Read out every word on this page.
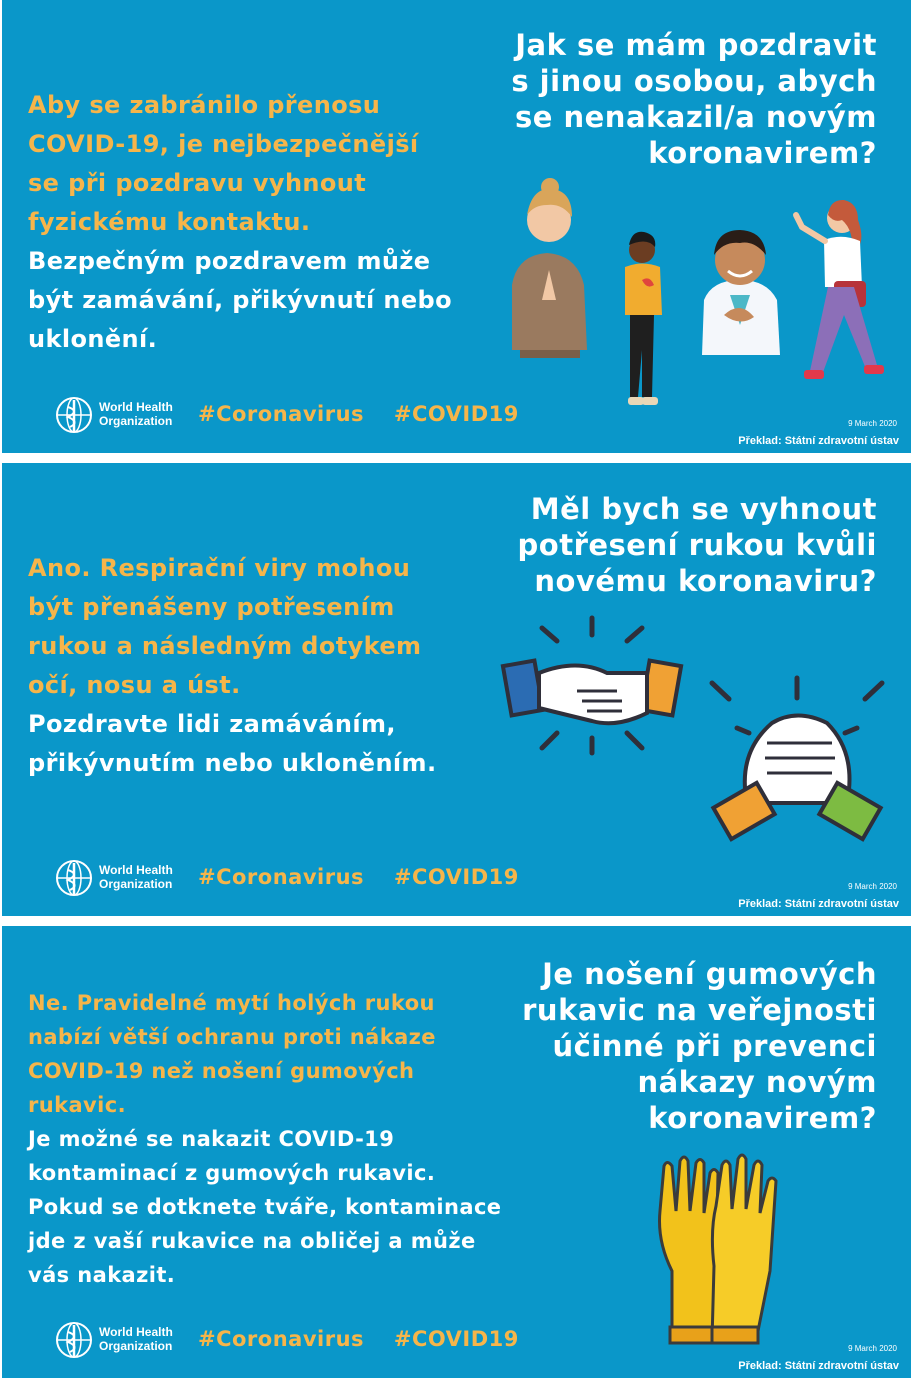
Jak se mám pozdravit
s jinou osobou, abych
se nenakazil/a novým
koronavirem?
Aby se zabránilo přenosu
COVID-19, je nejbezpečnější
se při pozdravu vyhnout
fyzickému kontaktu.
Bezpečným pozdravem může
být zamávání, přikývnutí nebo
uklonění.
World Health
Organization #Coronavirus #COVID19	9 March 2020
Překlad: Státní zdravotní ústav
Měl bych se vyhnout
potřesení rukou kvůli
novému koronaviru?
Ano. Respirační viry mohou
být přenášeny potřesením
rukou a následným dotykem
očí, nosu a úst.
Pozdravte lidi zamáváním,
přikývnutím nebo ukloněním.
World Health
Organization #Coronavirus #COVID19	9 March 2020
Překlad: Státní zdravotní ústav
Je nošení gumových
rukavic na veřejnosti
účinné při prevenci
nákazy novým
koronavirem?
Ne. Pravidelné mytí holých rukou
nabízí větší ochranu proti nákaze
COVID-19 než nošení gumových
rukavic.
Je možné se nakazit COVID-19
kontaminací z gumových rukavic.
Pokud se dotknete tváře, kontaminace
jde z vaší rukavice na obličej a může
vás nakazit.
World Health
Organization #Coronavirus #COVID19	9 March 2020
Překlad: Státní zdravotní ústav
